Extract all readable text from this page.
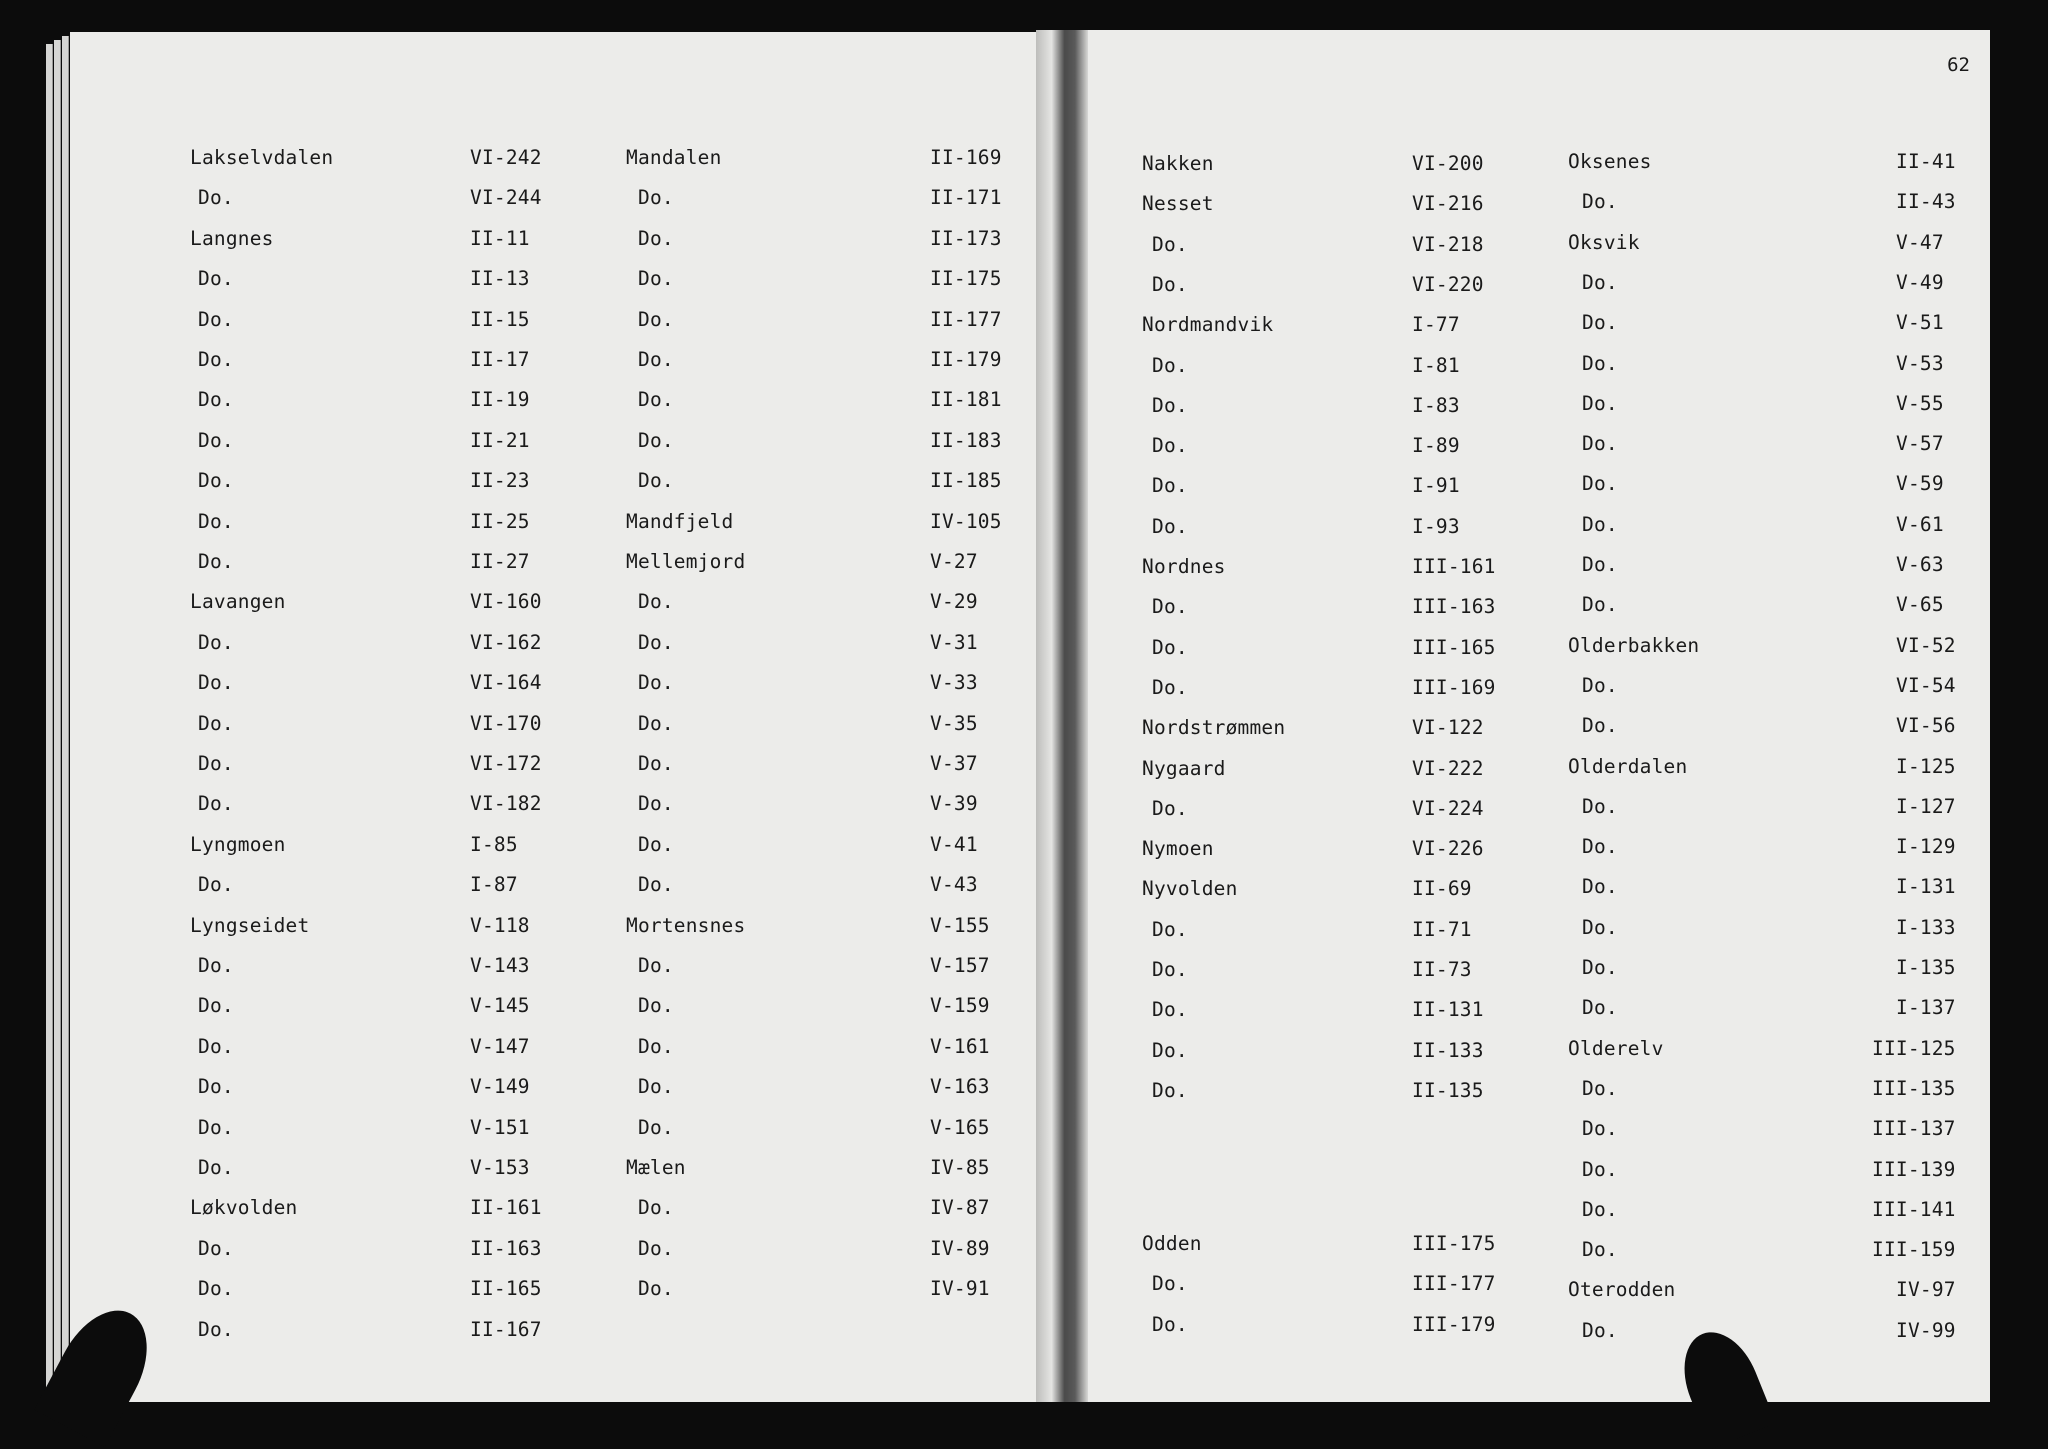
Lakselvdalen
Do.
Langnes
Do.
Do.
Do.
Do.
Do.
Do.
Do.
Do.
Lavangen
Do.
Do.
Do.
Do.
Do.
Lyngmoen
Do.
Lyngseidet
Do.
Do.
Do.
Do.
Do.
Do.
Løkvolden
Do.
Do.
Do.
VI-242
VI-244
II-11
II-13
II-15
II-17
II-19
II-21
II-23
II-25
II-27
VI-160
VI-162
VI-164
VI-170
VI-172
VI-182
I-85
I-87
V-118
V-143
V-145
V-147
V-149
V-151
V-153
II-161
II-163
II-165
II-167
Mandalen
Do.
Do.
Do.
Do.
Do.
Do.
Do.
Do.
Mandfjeld
Mellemjord
Do.
Do.
Do.
Do.
Do.
Do.
Do.
Do.
Mortensnes
Do.
Do.
Do.
Do.
Do.
Mælen
Do.
Do.
Do.
II-169
II-171
II-173
II-175
II-177
II-179
II-181
II-183
II-185
IV-105
V-27
V-29
V-31
V-33
V-35
V-37
V-39
V-41
V-43
V-155
V-157
V-159
V-161
V-163
V-165
IV-85
IV-87
IV-89
IV-91
62
Nakken
Nesset
Do.
Do.
Nordmandvik
Do.
Do.
Do.
Do.
Do.
Nordnes
Do.
Do.
Do.
Nordstrømmen
Nygaard
Do.
Nymoen
Nyvolden
Do.
Do.
Do.
Do.
Do.
Odden
Do.
Do.
VI-200
VI-216
VI-218
VI-220
I-77
I-81
I-83
I-89
I-91
I-93
III-161
III-163
III-165
III-169
VI-122
VI-222
VI-224
VI-226
II-69
II-71
II-73
II-131
II-133
II-135
III-175
III-177
III-179
Oksenes
Do.
Oksvik
Do.
Do.
Do.
Do.
Do.
Do.
Do.
Do.
Do.
Olderbakken
Do.
Do.
Olderdalen
Do.
Do.
Do.
Do.
Do.
Do.
Olderelv
Do.
Do.
Do.
Do.
Do.
Oterodden
Do.
II-41
II-43
V-47
V-49
V-51
V-53
V-55
V-57
V-59
V-61
V-63
V-65
VI-52
VI-54
VI-56
I-125
I-127
I-129
I-131
I-133
I-135
I-137
III-125
III-135
III-137
III-139
III-141
III-159
IV-97
IV-99
